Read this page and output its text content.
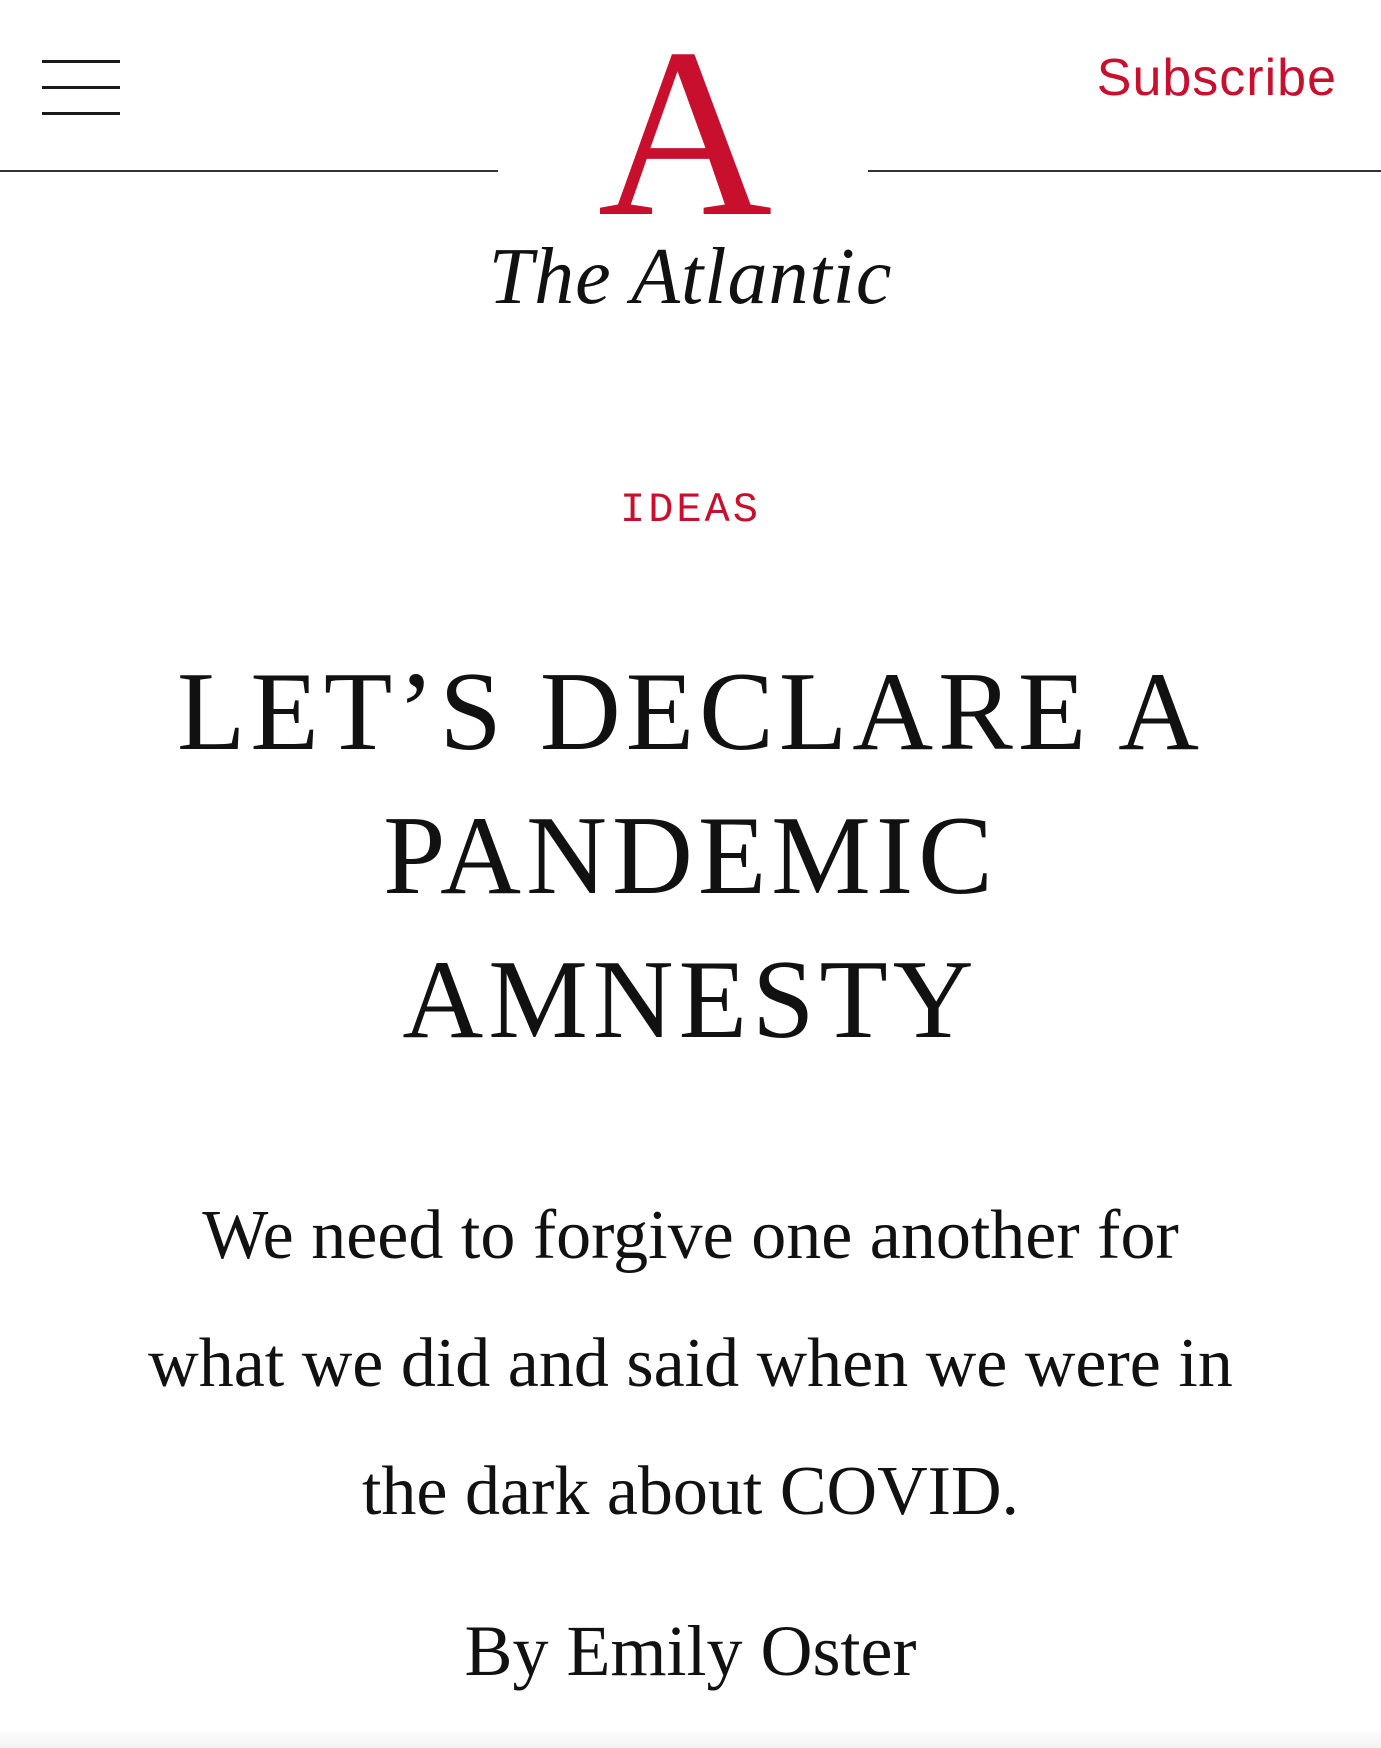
A
The Atlantic
Subscribe
IDEAS
LET’S DECLARE A
PANDEMIC
AMNESTY

We need to forgive one another for
what we did and said when we were in
the dark about COVID.

By Emily Oster
